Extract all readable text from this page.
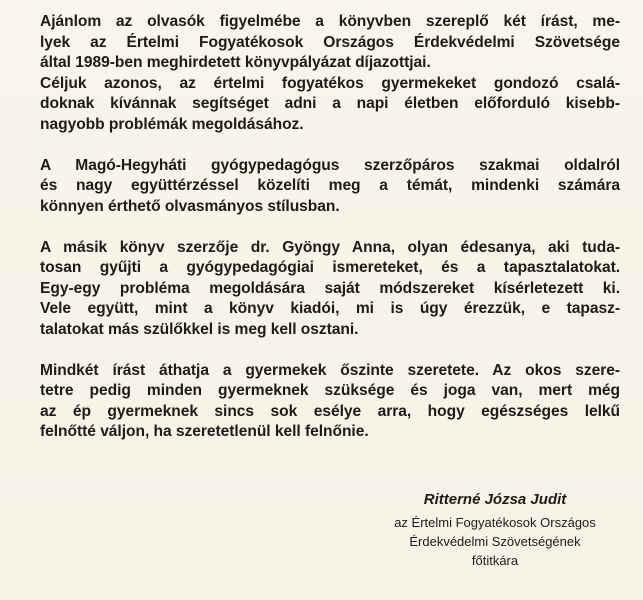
Ajánlom az olvasók figyelmébe a könyvben szereplő két írást, me-
lyek az Értelmi Fogyatékosok Országos Érdekvédelmi Szövetsége
által 1989-ben meghirdetett könyvpályázat díjazottjai.
Céljuk azonos, az értelmi fogyatékos gyermekeket gondozó csalá-
doknak kívánnak segítséget adni a napi életben előforduló kisebb-
nagyobb problémák megoldásához.

A Magó-Hegyháti gyógypedagógus szerzőpáros szakmai oldalról
és nagy együttérzéssel közelíti meg a témát, mindenki számára
könnyen érthető olvasmányos stílusban.

A másik könyv szerzője dr. Gyöngy Anna, olyan édesanya, aki tuda-
tosan gyűjti a gyógypedagógiai ismereteket, és a tapasztalatokat.
Egy-egy probléma megoldására saját módszereket kísérletezett ki.
Vele együtt, mint a könyv kiadói, mi is úgy érezzük, e tapasz-
talatokat más szülőkkel is meg kell osztani.

Mindkét írást áthatja a gyermekek őszinte szeretete. Az okos szere-
tetre pedig minden gyermeknek szüksége és joga van, mert még
az ép gyermeknek sincs sok esélye arra, hogy egészséges lelkű
felnőtté váljon, ha szeretetlenül kell felnőnie.

Ritterné Józsa Judit
az Értelmi Fogyatékosok Országos
Érdekvédelmi Szövetségének
főtitkára
